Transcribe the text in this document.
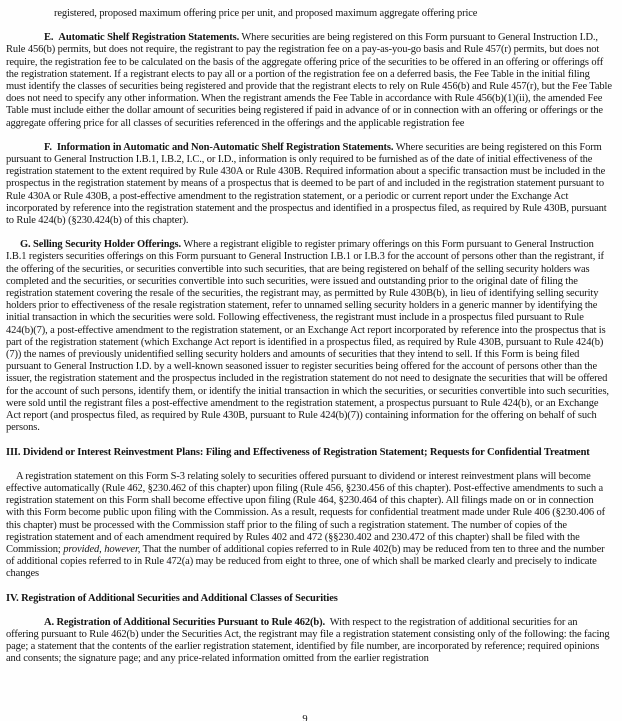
registered, proposed maximum offering price per unit, and proposed maximum aggregate offering price

E.  Automatic Shelf Registration Statements. Where securities are being registered on this Form pursuant to General Instruction I.D., Rule 456(b) permits, but does not require, the registrant to pay the registration fee on a pay-as-you-go basis and Rule 457(r) permits, but does not require, the registration fee to be calculated on the basis of the aggregate offering price of the securities to be offered in an offering or offerings off the registration statement. If a registrant elects to pay all or a portion of the registration fee on a deferred basis, the Fee Table in the initial filing must identify the classes of securities being registered and provide that the registrant elects to rely on Rule 456(b) and Rule 457(r), but the Fee Table does not need to specify any other information. When the registrant amends the Fee Table in accordance with Rule 456(b)(1)(ii), the amended Fee Table must include either the dollar amount of securities being registered if paid in advance of or in connection with an offering or offerings or the aggregate offering price for all classes of securities referenced in the offerings and the applicable registration fee

F.  Information in Automatic and Non-Automatic Shelf Registration Statements. Where securities are being registered on this Form pursuant to General Instruction I.B.1, I.B.2, I.C., or I.D., information is only required to be furnished as of the date of initial effectiveness of the registration statement to the extent required by Rule 430A or Rule 430B. Required information about a specific transaction must be included in the prospectus in the registration statement by means of a prospectus that is deemed to be part of and included in the registration statement pursuant to Rule 430A or Rule 430B, a post-effective amendment to the registration statement, or a periodic or current report under the Exchange Act incorporated by reference into the registration statement and the prospectus and identified in a prospectus filed, as required by Rule 430B, pursuant to Rule 424(b) (§230.424(b) of this chapter).

G. Selling Security Holder Offerings. Where a registrant eligible to register primary offerings on this Form pursuant to General Instruction I.B.1 registers securities offerings on this Form pursuant to General Instruction I.B.1 or I.B.3 for the account of persons other than the registrant, if the offering of the securities, or securities convertible into such securities, that are being registered on behalf of the selling security holders was completed and the securities, or securities convertible into such securities, were issued and outstanding prior to the original date of filing the registration statement covering the resale of the securities, the registrant may, as permitted by Rule 430B(b), in lieu of identifying selling security holders prior to effectiveness of the resale registration statement, refer to unnamed selling security holders in a generic manner by identifying the initial transaction in which the securities were sold. Following effectiveness, the registrant must include in a prospectus filed pursuant to Rule 424(b)(7), a post-effective amendment to the registration statement, or an Exchange Act report incorporated by reference into the prospectus that is part of the registration statement (which Exchange Act report is identified in a prospectus filed, as required by Rule 430B, pursuant to Rule 424(b)(7)) the names of previously unidentified selling security holders and amounts of securities that they intend to sell. If this Form is being filed pursuant to General Instruction I.D. by a well-known seasoned issuer to register securities being offered for the account of persons other than the issuer, the registration statement and the prospectus included in the registration statement do not need to designate the securities that will be offered for the account of such persons, identify them, or identify the initial transaction in which the securities, or securities convertible into such securities, were sold until the registrant files a post-effective amendment to the registration statement, a prospectus pursuant to Rule 424(b), or an Exchange Act report (and prospectus filed, as required by Rule 430B, pursuant to Rule 424(b)(7)) containing information for the offering on behalf of such persons.

III. Dividend or Interest Reinvestment Plans: Filing and Effectiveness of Registration Statement; Requests for Confidential Treatment

A registration statement on this Form S-3 relating solely to securities offered pursuant to dividend or interest reinvestment plans will become effective automatically (Rule 462, §230.462 of this chapter) upon filing (Rule 456, §230.456 of this chapter). Post-effective amendments to such a registration statement on this Form shall become effective upon filing (Rule 464, §230.464 of this chapter). All filings made on or in connection with this Form become public upon filing with the Commission. As a result, requests for confidential treatment made under Rule 406 (§230.406 of this chapter) must be processed with the Commission staff prior to the filing of such a registration statement. The number of copies of the registration statement and of each amendment required by Rules 402 and 472 (§§230.402 and 230.472 of this chapter) shall be filed with the Commission; provided, however, That the number of additional copies referred to in Rule 402(b) may be reduced from ten to three and the number of additional copies referred to in Rule 472(a) may be reduced from eight to three, one of which shall be marked clearly and precisely to indicate changes

IV. Registration of Additional Securities and Additional Classes of Securities

A. Registration of Additional Securities Pursuant to Rule 462(b).  With respect to the registration of additional securities for an offering pursuant to Rule 462(b) under the Securities Act, the registrant may file a registration statement consisting only of the following: the facing page; a statement that the contents of the earlier registration statement, identified by file number, are incorporated by reference; required opinions and consents; the signature page; and any price-related information omitted from the earlier registration

9
